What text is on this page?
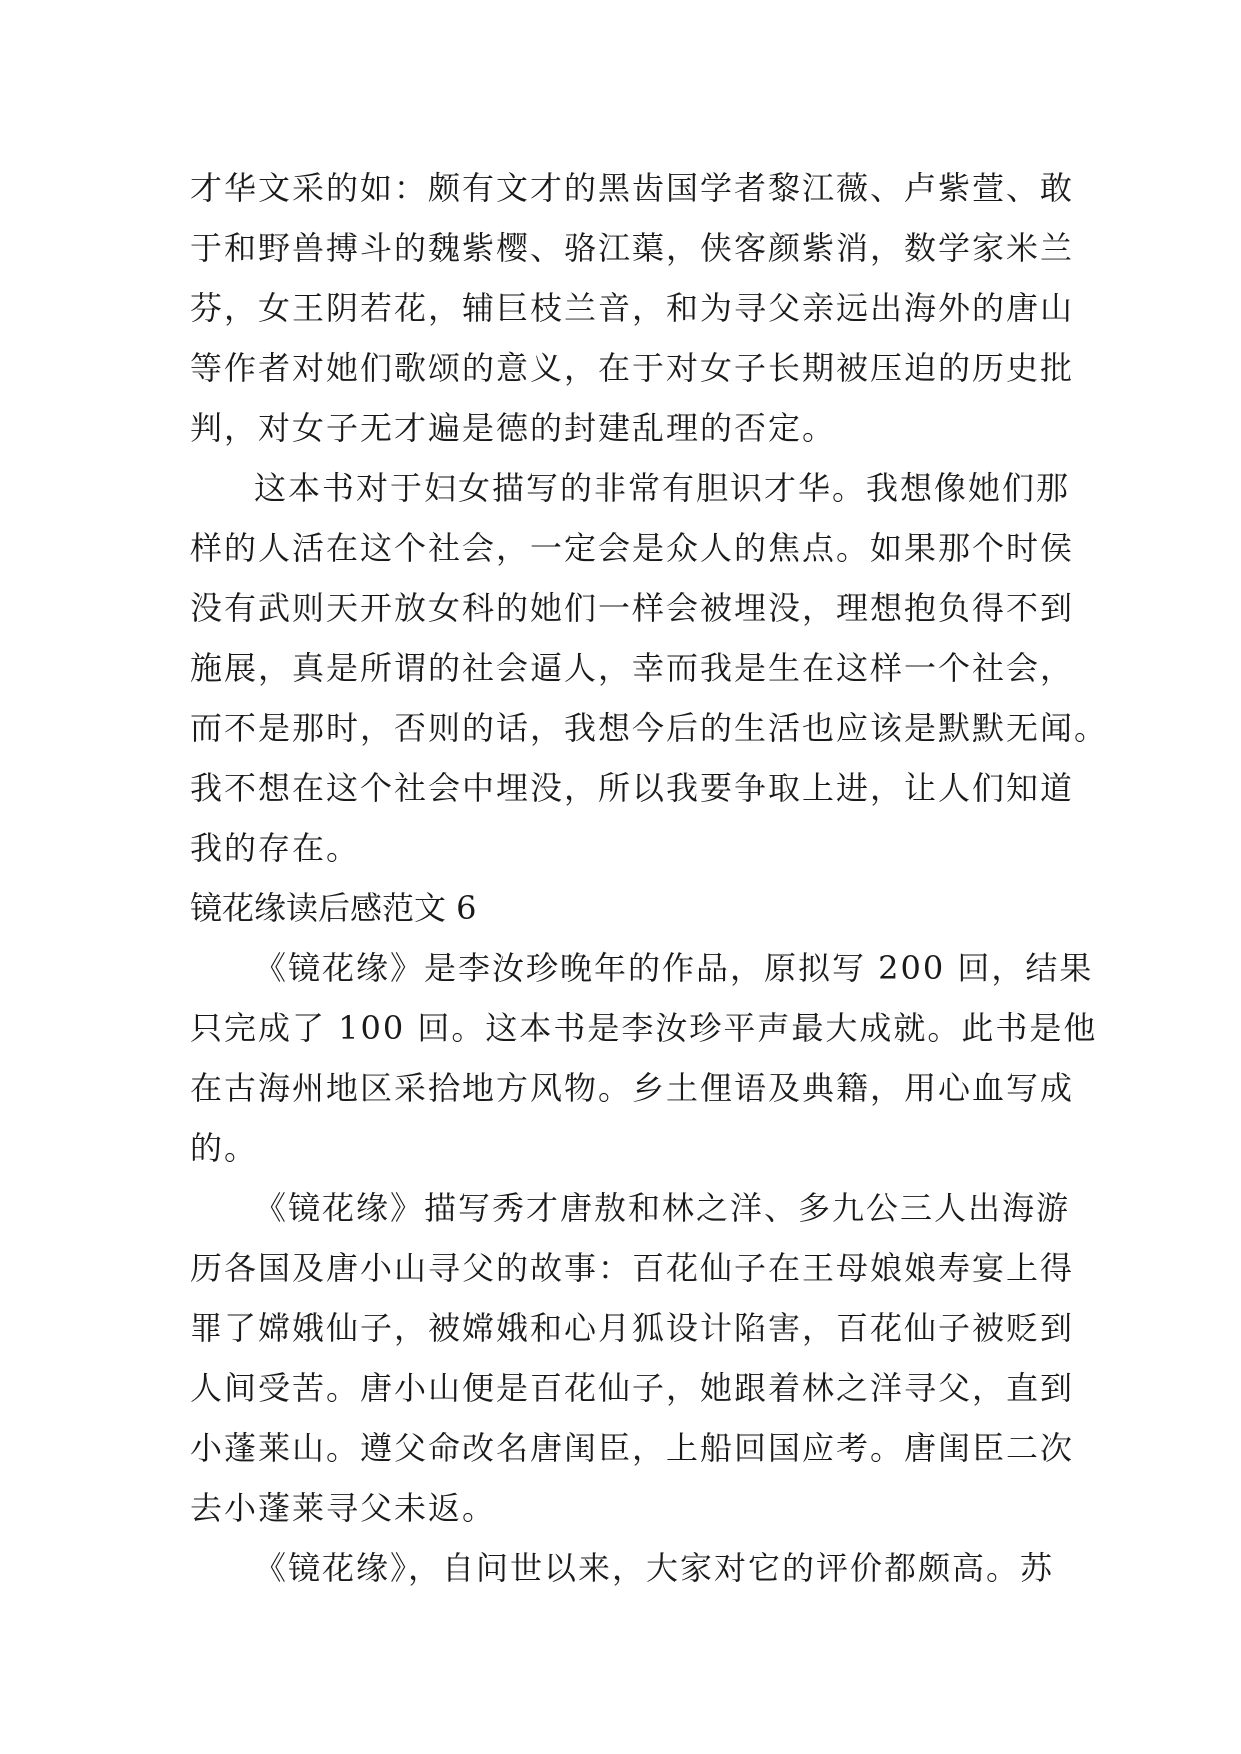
才华文采的如：颇有文才的黑齿国学者黎江薇、卢紫萱、敢
于和野兽搏斗的魏紫樱、骆江蕖，侠客颜紫消，数学家米兰
芬，女王阴若花，辅巨枝兰音，和为寻父亲远出海外的唐山
等作者对她们歌颂的意义，在于对女子长期被压迫的历史批
判，对女子无才遍是德的封建乱理的否定。
这本书对于妇女描写的非常有胆识才华。我想像她们那
样的人活在这个社会，一定会是众人的焦点。如果那个时侯
没有武则天开放女科的她们一样会被埋没，理想抱负得不到
施展，真是所谓的社会逼人，幸而我是生在这样一个社会，
而不是那时，否则的话，我想今后的生活也应该是默默无闻。
我不想在这个社会中埋没，所以我要争取上进，让人们知道
我的存在。
镜花缘读后感范文 6
《镜花缘》是李汝珍晚年的作品，原拟写 200 回，结果
只完成了 100 回。这本书是李汝珍平声最大成就。此书是他
在古海州地区采拾地方风物。乡土俚语及典籍，用心血写成
的。
《镜花缘》描写秀才唐敖和林之洋、多九公三人出海游
历各国及唐小山寻父的故事：百花仙子在王母娘娘寿宴上得
罪了嫦娥仙子，被嫦娥和心月狐设计陷害，百花仙子被贬到
人间受苦。唐小山便是百花仙子，她跟着林之洋寻父，直到
小蓬莱山。遵父命改名唐闺臣，上船回国应考。唐闺臣二次
去小蓬莱寻父未返。
《镜花缘》，自问世以来，大家对它的评价都颇高。苏
